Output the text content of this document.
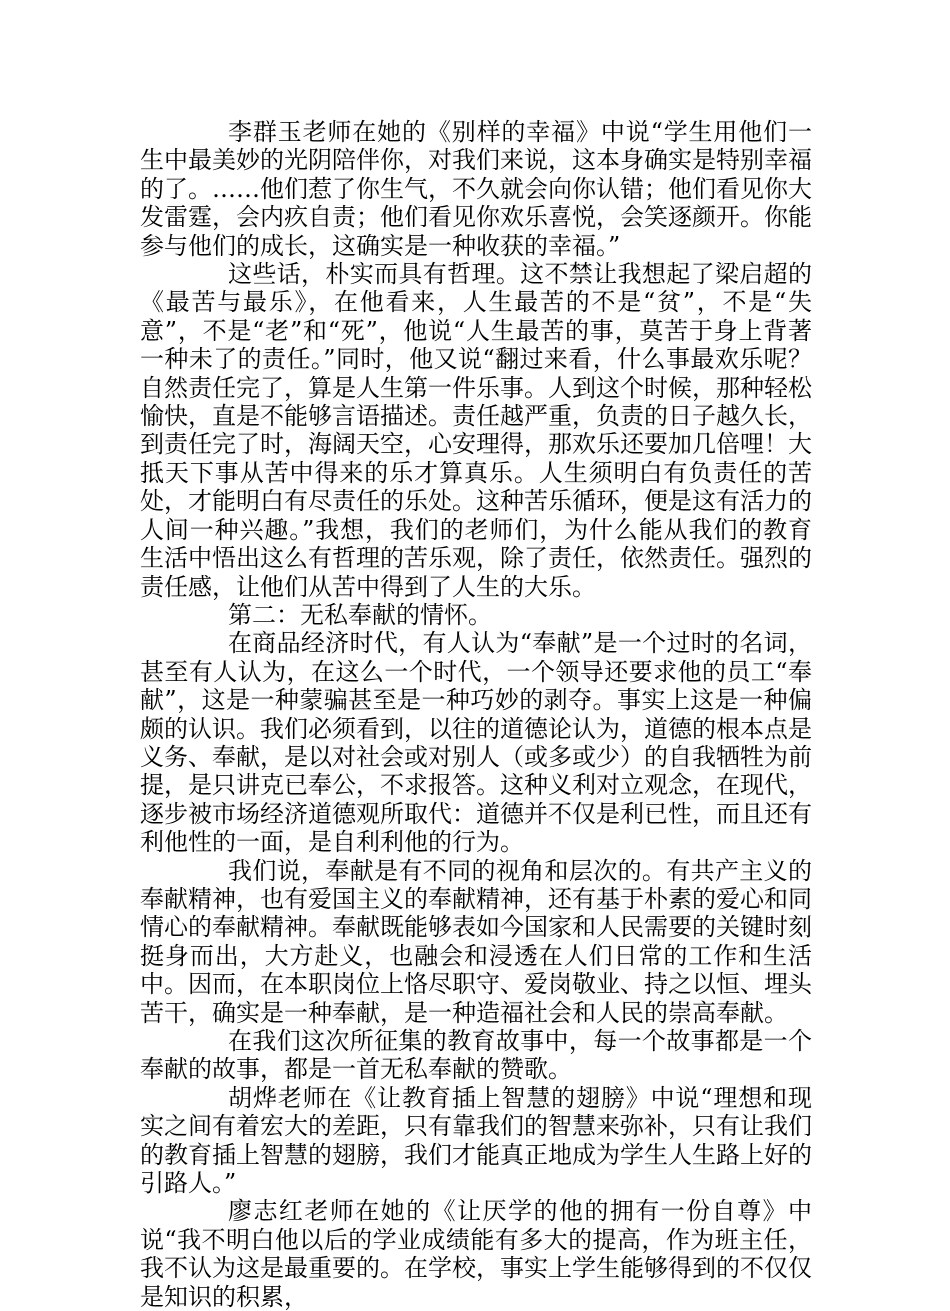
李群玉老师在她的《别样的幸福》中说“学生用他们一生中最美妙的光阴陪伴你，对我们来说，这本身确实是特别幸福的了。……他们惹了你生气，不久就会向你认错；他们看见你大发雷霆，会内疚自责；他们看见你欢乐喜悦，会笑逐颜开。你能参与他们的成长，这确实是一种收获的幸福。”

这些话，朴实而具有哲理。这不禁让我想起了梁启超的《最苦与最乐》，在他看来，人生最苦的不是“贫”，不是“失意”，不是“老”和“死”，他说“人生最苦的事，莫苦于身上背著一种未了的责任。”同时，他又说“翻过来看，什么事最欢乐呢？自然责任完了，算是人生第一件乐事。人到这个时候，那种轻松愉快，直是不能够言语描述。责任越严重，负责的日子越久长，到责任完了时，海阔天空，心安理得，那欢乐还要加几倍哩！大抵天下事从苦中得来的乐才算真乐。人生须明白有负责任的苦处，才能明白有尽责任的乐处。这种苦乐循环，便是这有活力的人间一种兴趣。”我想，我们的老师们，为什么能从我们的教育生活中悟出这么有哲理的苦乐观，除了责任，依然责任。强烈的责任感，让他们从苦中得到了人生的大乐。

第二：无私奉献的情怀。

在商品经济时代，有人认为“奉献”是一个过时的名词，甚至有人认为，在这么一个时代，一个领导还要求他的员工“奉献”，这是一种蒙骗甚至是一种巧妙的剥夺。事实上这是一种偏颇的认识。我们必须看到，以往的道德论认为，道德的根本点是义务、奉献，是以对社会或对别人（或多或少）的自我牺牲为前提，是只讲克已奉公，不求报答。这种义利对立观念，在现代，逐步被市场经济道德观所取代：道德并不仅是利已性，而且还有利他性的一面，是自利利他的行为。

我们说，奉献是有不同的视角和层次的。有共产主义的奉献精神，也有爱国主义的奉献精神，还有基于朴素的爱心和同情心的奉献精神。奉献既能够表如今国家和人民需要的关键时刻挺身而出，大方赴义，也融会和浸透在人们日常的工作和生活中。因而，在本职岗位上恪尽职守、爱岗敬业、持之以恒、埋头苦干，确实是一种奉献，是一种造福社会和人民的崇高奉献。

在我们这次所征集的教育故事中，每一个故事都是一个奉献的故事，都是一首无私奉献的赞歌。

胡烨老师在《让教育插上智慧的翅膀》中说“理想和现实之间有着宏大的差距，只有靠我们的智慧来弥补，只有让我们的教育插上智慧的翅膀，我们才能真正地成为学生人生路上好的引路人。”

廖志红老师在她的《让厌学的他的拥有一份自尊》中说“我不明白他以后的学业成绩能有多大的提高，作为班主任，我不认为这是最重要的。在学校，事实上学生能够得到的不仅仅是知识的积累，
